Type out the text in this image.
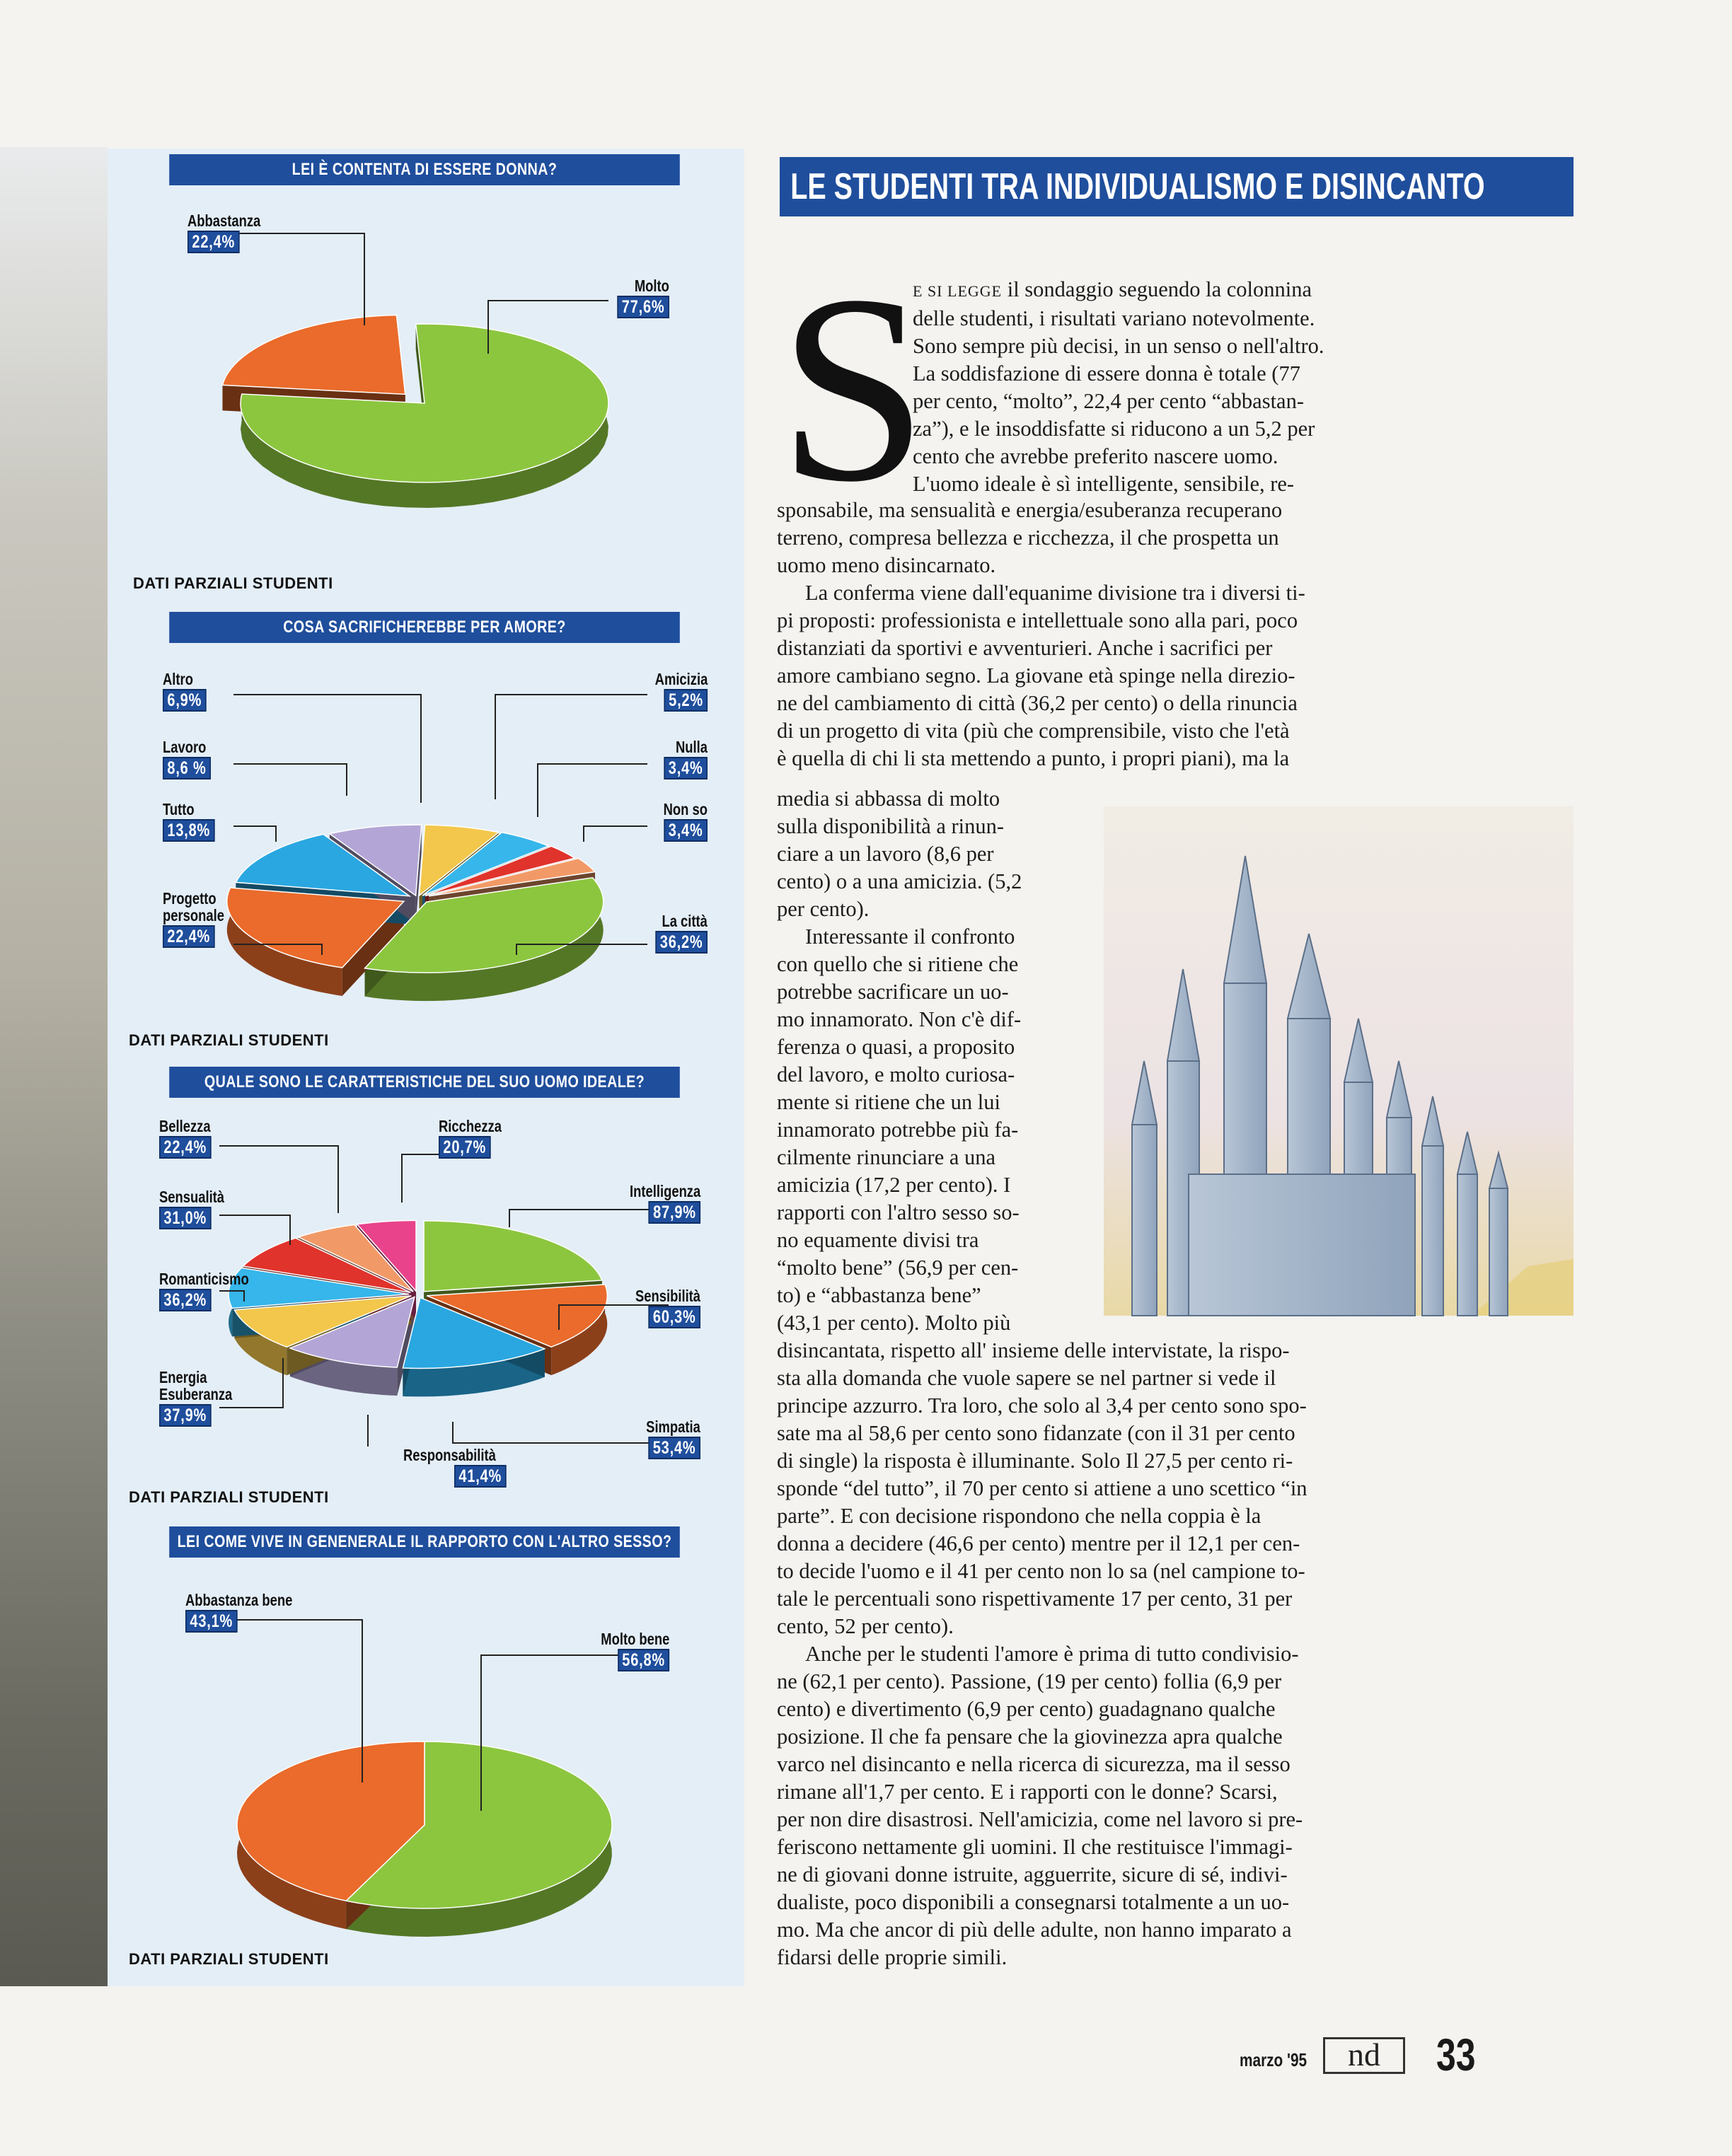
LEI È CONTENTA DI ESSERE DONNA?
Abbastanza
22,4%
Molto
77,6%
DATI PARZIALI STUDENTI
COSA SACRIFICHEREBBE PER AMORE?
Altro
6,9%
Lavoro
8,6 %
Tutto
13,8%
Progetto personale
22,4%
Amicizia
5,2%
Nulla
3,4%
Non so
3,4%
La città
36,2%
DATI PARZIALI STUDENTI
QUALE SONO LE CARATTERISTICHE DEL SUO UOMO IDEALE?
Bellezza
22,4%
Sensualità
31,0%
Romanticismo
36,2%
Energia Esuberanza
37,9%
Ricchezza
20,7%
Intelligenza
87,9%
Sensibilità
60,3%
Simpatia
53,4%
Responsabilità
41,4%
DATI PARZIALI STUDENTI
LEI COME VIVE IN GENENERALE IL RAPPORTO CON L'ALTRO SESSO?
Abbastanza bene
43,1%
Molto bene
56,8%
DATI PARZIALI STUDENTI
LE STUDENTI TRA INDIVIDUALISMO E DISINCANTO
S

E SI LEGGE il sondaggio seguendo la colonnina

delle studenti, i risultati variano notevolmente.

Sono sempre più decisi, in un senso o nell'altro.

La soddisfazione di essere donna è totale (77

per cento, “molto”, 22,4 per cento “abbastan-

za”), e le insoddisfatte si riducono a un 5,2 per

cento che avrebbe preferito nascere uomo.

L'uomo ideale è sì intelligente, sensibile, re-

sponsabile, ma sensualità e energia/esuberanza recuperano

terreno, compresa bellezza e ricchezza, il che prospetta un

uomo meno disincarnato.

La conferma viene dall'equanime divisione tra i diversi ti-

pi proposti: professionista e intellettuale sono alla pari, poco

distanziati da sportivi e avventurieri. Anche i sacrifici per

amore cambiano segno. La giovane età spinge nella direzio-

ne del cambiamento di città (36,2 per cento) o della rinuncia

di un progetto di vita (più che comprensibile, visto che l'età

è quella di chi li sta mettendo a punto, i propri piani), ma la

media si abbassa di molto

sulla disponibilità a rinun-

ciare a un lavoro (8,6 per

cento) o a una amicizia. (5,2

per cento).

Interessante il confronto

con quello che si ritiene che

potrebbe sacrificare un uo-

mo innamorato. Non c'è dif-

ferenza o quasi, a proposito

del lavoro, e molto curiosa-

mente si ritiene che un lui

innamorato potrebbe più fa-

cilmente rinunciare a una

amicizia (17,2 per cento). I

rapporti con l'altro sesso so-

no equamente divisi tra

“molto bene” (56,9 per cen-

to) e “abbastanza bene”

(43,1 per cento). Molto più

disincantata, rispetto all' insieme delle intervistate, la rispo-

sta alla domanda che vuole sapere se nel partner si vede il

principe azzurro. Tra loro, che solo al 3,4 per cento sono spo-

sate ma al 58,6 per cento sono fidanzate (con il 31 per cento

di single) la risposta è illuminante. Solo Il 27,5 per cento ri-

sponde “del tutto”, il 70 per cento si attiene a uno scettico “in

parte”. E con decisione rispondono che nella coppia è la

donna a decidere (46,6 per cento) mentre per il 12,1 per cen-

to decide l'uomo e il 41 per cento non lo sa (nel campione to-

tale le percentuali sono rispettivamente 17 per cento, 31 per

cento, 52 per cento).

Anche per le studenti l'amore è prima di tutto condivisio-

ne (62,1 per cento). Passione, (19 per cento) follia (6,9 per

cento) e divertimento (6,9 per cento) guadagnano qualche

posizione. Il che fa pensare che la giovinezza apra qualche

varco nel disincanto e nella ricerca di sicurezza, ma il sesso

rimane all'1,7 per cento. E i rapporti con le donne? Scarsi,

per non dire disastrosi. Nell'amicizia, come nel lavoro si pre-

feriscono nettamente gli uomini. Il che restituisce l'immagi-

ne di giovani donne istruite, agguerrite, sicure di sé, indivi-

dualiste, poco disponibili a consegnarsi totalmente a un uo-

mo. Ma che ancor di più delle adulte, non hanno imparato a

fidarsi delle proprie simili.

marzo '95	nd	33
